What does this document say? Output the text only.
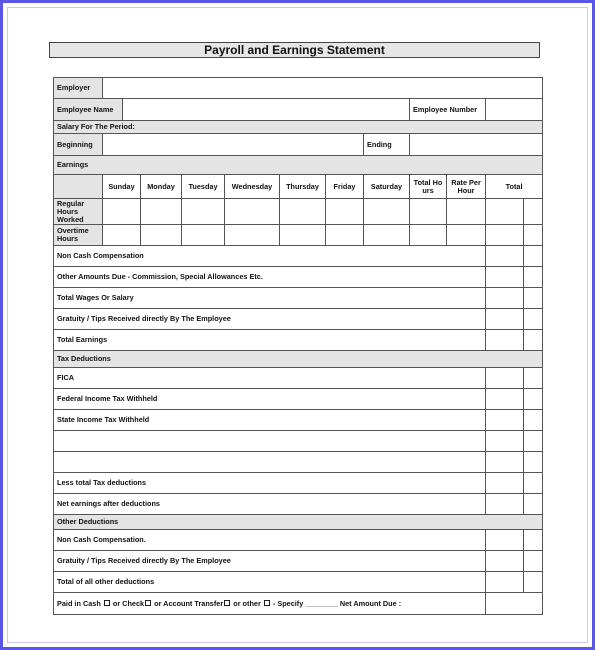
Payroll and Earnings Statement
Employer												
Employee Name									Employee Number			
Salary For The Period:												
Beginning								Ending				
Earnings												
	Sunday		Monday	Tuesday	Wednesday	Thursday	Friday	Saturday	Total Hours	Rate Per Hour	Total	
Regular Hours Worked												
Overtime Hours												
Non Cash Compensation												
Other Amounts Due - Commission, Special Allowances Etc.												
Total Wages Or Salary												
Gratuity / Tips Received directly By The Employee												
Total Earnings												
Tax Deductions												
FICA												
Federal Income Tax Withheld												
State Income Tax Withheld												

Less total Tax deductions												
Net earnings after deductions												
Other Deductions												
Non Cash Compensation.												
Gratuity / Tips Received directly By The Employee												
Total of all other deductions												
Paid in Cash or Check or Account Transfer or other - Specify ________ Net Amount Due :												
